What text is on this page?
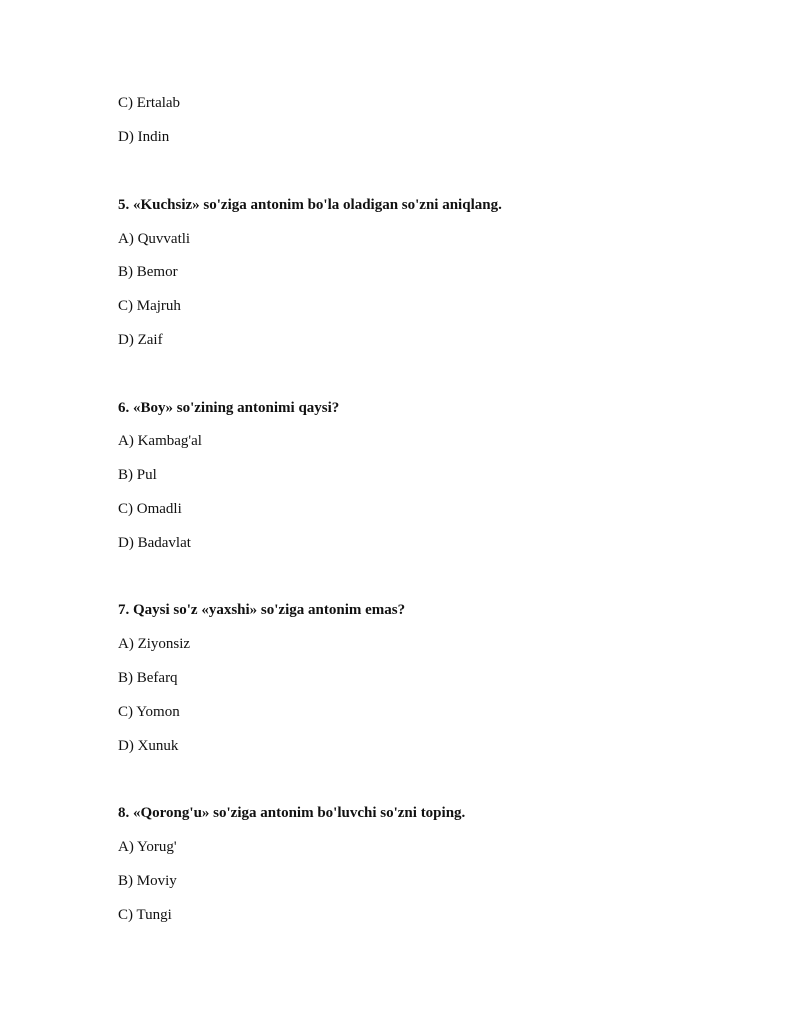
C) Ertalab
D) Indin
5. «Kuchsiz» so'ziga antonim bo'la oladigan so'zni aniqlang.
A) Quvvatli
B) Bemor
C) Majruh
D) Zaif
6. «Boy» so'zining antonimi qaysi?
A) Kambag'al
B) Pul
C) Omadli
D) Badavlat
7. Qaysi so'z «yaxshi» so'ziga antonim emas?
A) Ziyonsiz
B) Befarq
C) Yomon
D) Xunuk
8. «Qorong'u» so'ziga antonim bo'luvchi so'zni toping.
A) Yorug'
B) Moviy
C) Tungi
